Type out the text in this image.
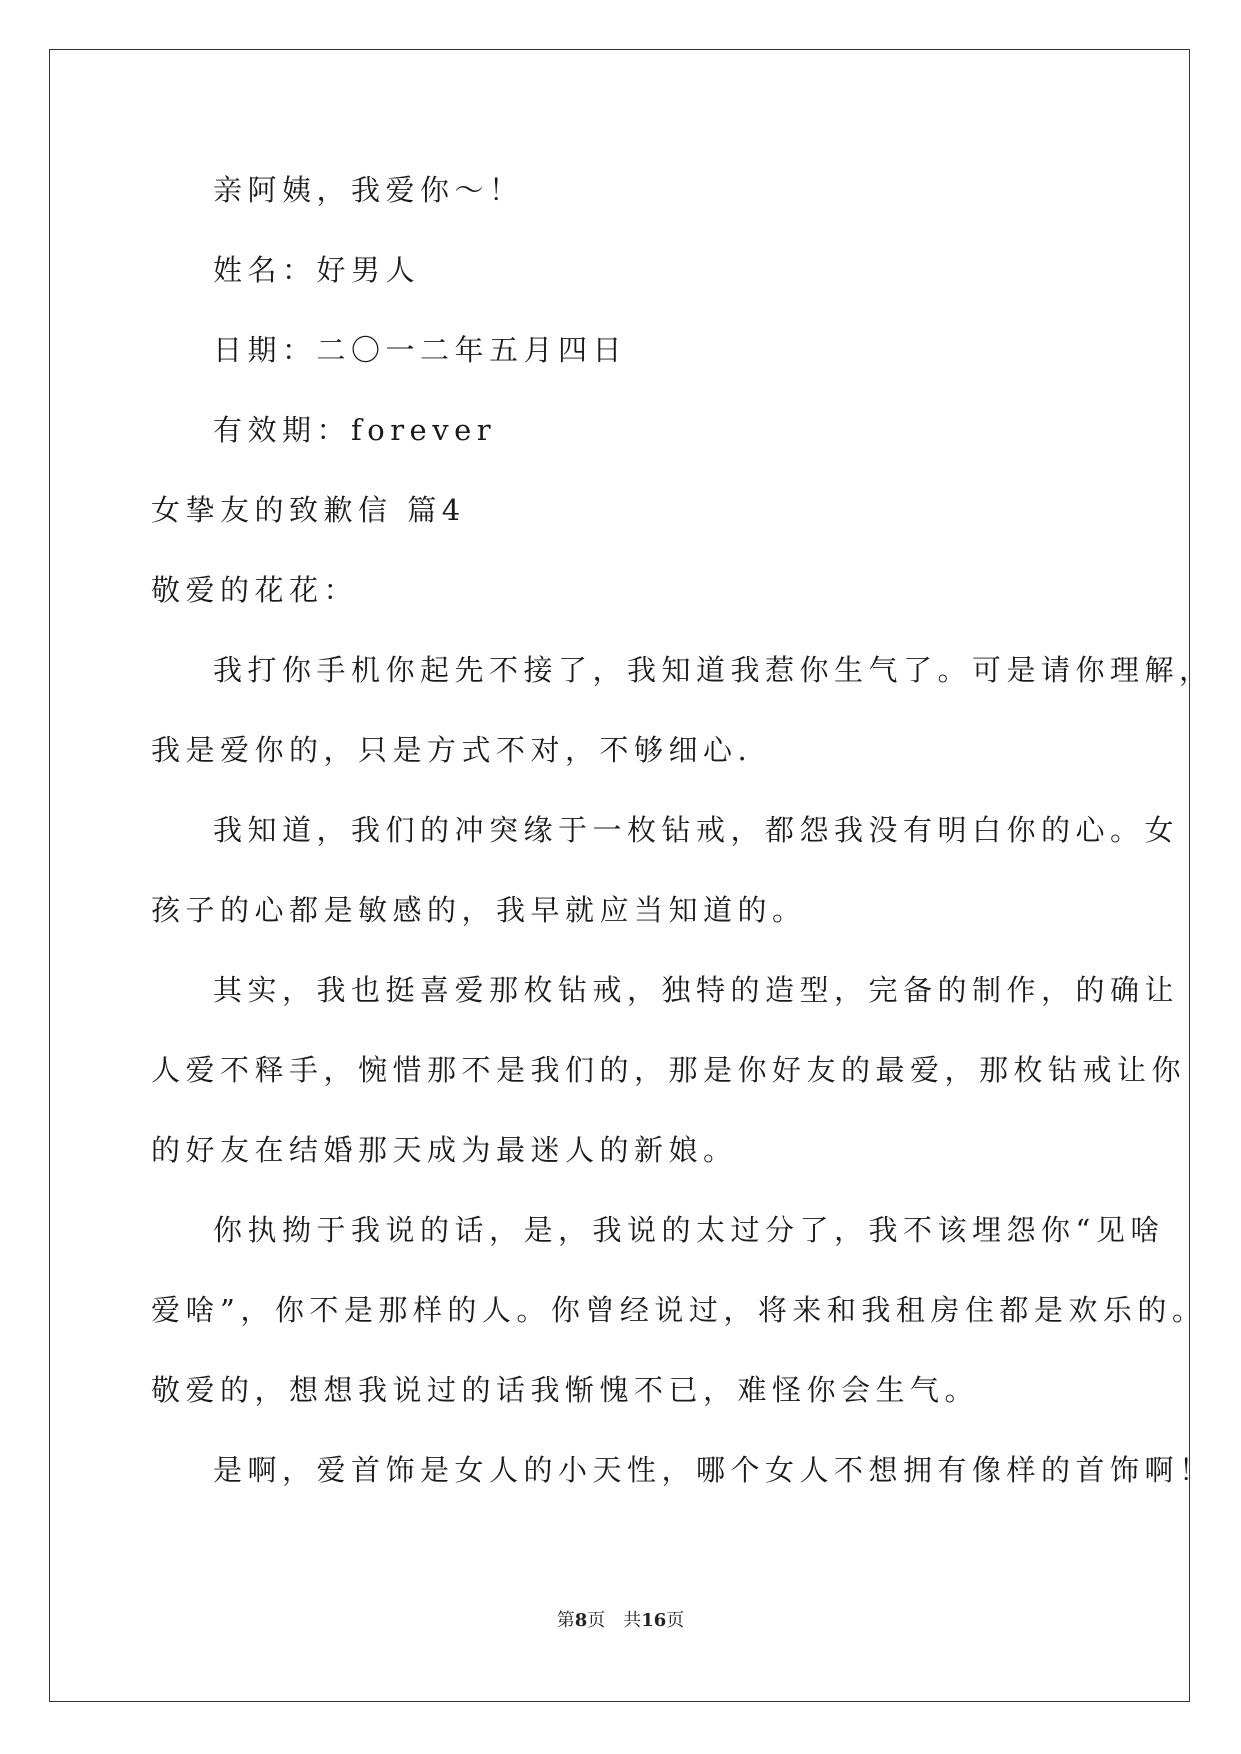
亲阿姨，我爱你～！
姓名：好男人
日期：二〇一二年五月四日
有效期：forever
女挚友的致歉信 篇4
敬爱的花花：
我打你手机你起先不接了，我知道我惹你生气了。可是请你理解，
我是爱你的，只是方式不对，不够细心.
我知道，我们的冲突缘于一枚钻戒，都怨我没有明白你的心。女
孩子的心都是敏感的，我早就应当知道的。
其实，我也挺喜爱那枚钻戒，独特的造型，完备的制作，的确让
人爱不释手，惋惜那不是我们的，那是你好友的最爱，那枚钻戒让你
的好友在结婚那天成为最迷人的新娘。
你执拗于我说的话，是，我说的太过分了，我不该埋怨你“见啥
爱啥”，你不是那样的人。你曾经说过，将来和我租房住都是欢乐的。
敬爱的，想想我说过的话我惭愧不已，难怪你会生气。
是啊，爱首饰是女人的小天性，哪个女人不想拥有像样的首饰啊！
第8页 共16页
